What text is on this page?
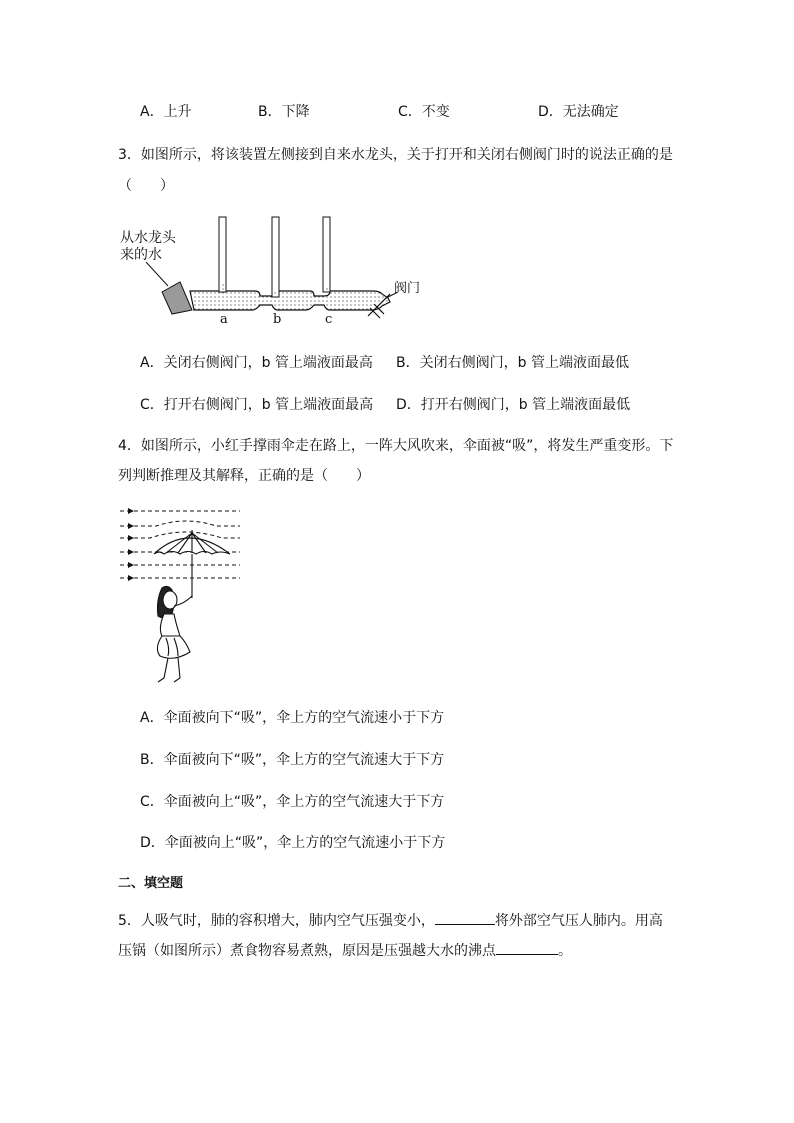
A．上升	B．下降	C．不变	D．无法确定
3．如图所示，将该装置左侧接到自来水龙头，关于打开和关闭右侧阀门时的说法正确的是
（　　）
从水龙头
来的水
阀门
a	b	c
A．关闭右侧阀门，b 管上端液面最高 B．关闭右侧阀门，b 管上端液面最低
C．打开右侧阀门，b 管上端液面最高 D．打开右侧阀门，b 管上端液面最低
4．如图所示，小红手撑雨伞走在路上，一阵大风吹来，伞面被“吸”，将发生严重变形。下
列判断推理及其解释，正确的是（　　）
A．伞面被向下“吸”，伞上方的空气流速小于下方
B．伞面被向下“吸”，伞上方的空气流速大于下方
C．伞面被向上“吸”，伞上方的空气流速大于下方
D．伞面被向上“吸”，伞上方的空气流速小于下方
二、填空题
5．人吸气时，肺的容积增大，肺内空气压强变小，	将外部空气压人肺内。用高
压锅（如图所示）煮食物容易煮熟，原因是压强越大水的沸点	。
